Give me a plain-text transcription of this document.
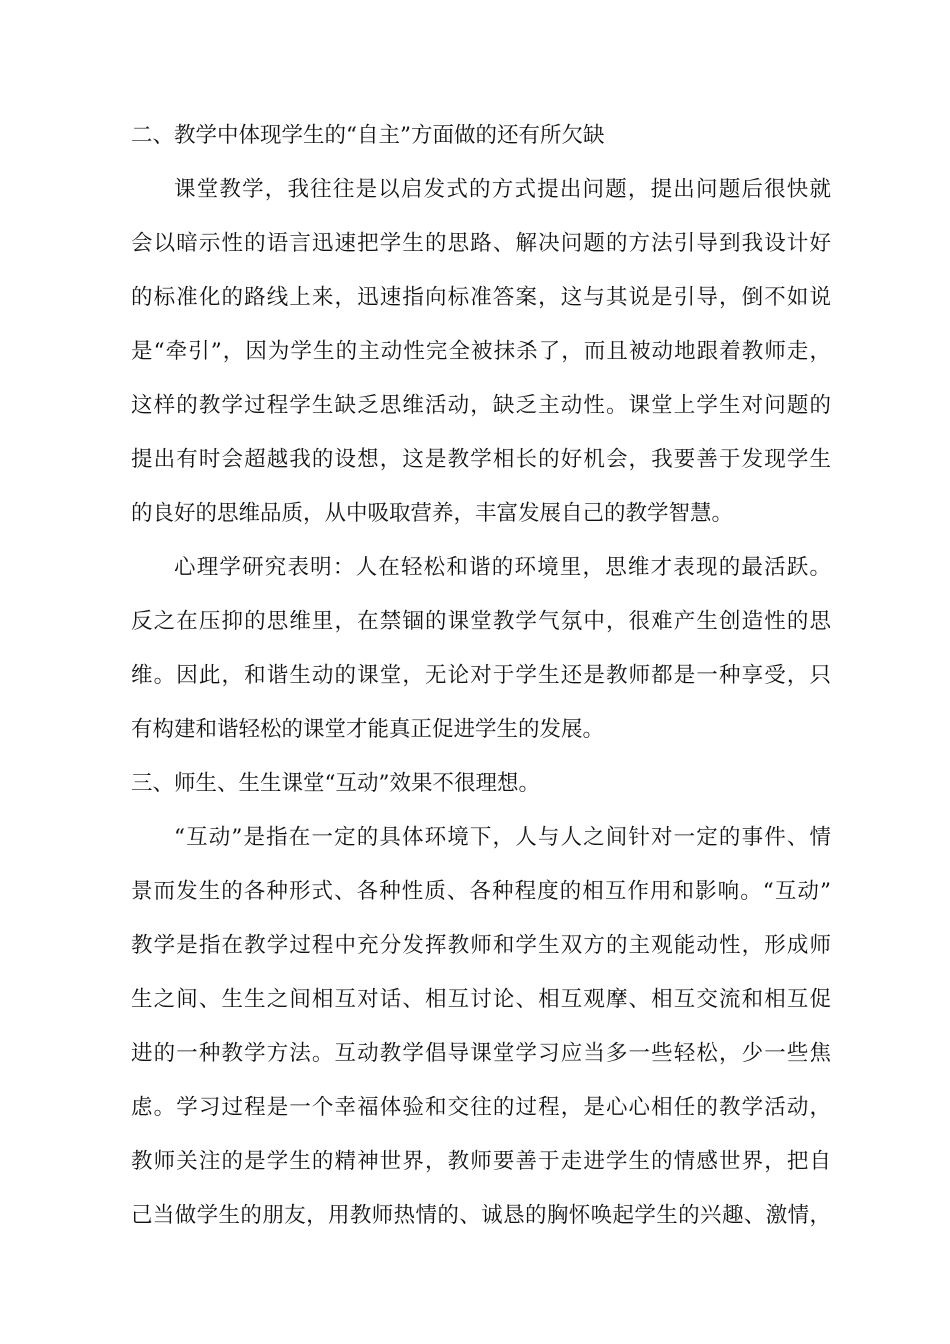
二、教学中体现学生的“自主”方面做的还有所欠缺
课堂教学，我往往是以启发式的方式提出问题，提出问题后很快就
会以暗示性的语言迅速把学生的思路、解决问题的方法引导到我设计好
的标准化的路线上来，迅速指向标准答案，这与其说是引导，倒不如说
是“牵引”，因为学生的主动性完全被抹杀了，而且被动地跟着教师走，
这样的教学过程学生缺乏思维活动，缺乏主动性。课堂上学生对问题的
提出有时会超越我的设想，这是教学相长的好机会，我要善于发现学生
的良好的思维品质，从中吸取营养，丰富发展自己的教学智慧。
心理学研究表明：人在轻松和谐的环境里，思维才表现的最活跃。
反之在压抑的思维里，在禁锢的课堂教学气氛中，很难产生创造性的思
维。因此，和谐生动的课堂，无论对于学生还是教师都是一种享受，只
有构建和谐轻松的课堂才能真正促进学生的发展。
三、师生、生生课堂“互动”效果不很理想。
“互动”是指在一定的具体环境下，人与人之间针对一定的事件、情
景而发生的各种形式、各种性质、各种程度的相互作用和影响。“互动”
教学是指在教学过程中充分发挥教师和学生双方的主观能动性，形成师
生之间、生生之间相互对话、相互讨论、相互观摩、相互交流和相互促
进的一种教学方法。互动教学倡导课堂学习应当多一些轻松，少一些焦
虑。学习过程是一个幸福体验和交往的过程，是心心相任的教学活动，
教师关注的是学生的精神世界，教师要善于走进学生的情感世界，把自
己当做学生的朋友，用教师热情的、诚恳的胸怀唤起学生的兴趣、激情，
